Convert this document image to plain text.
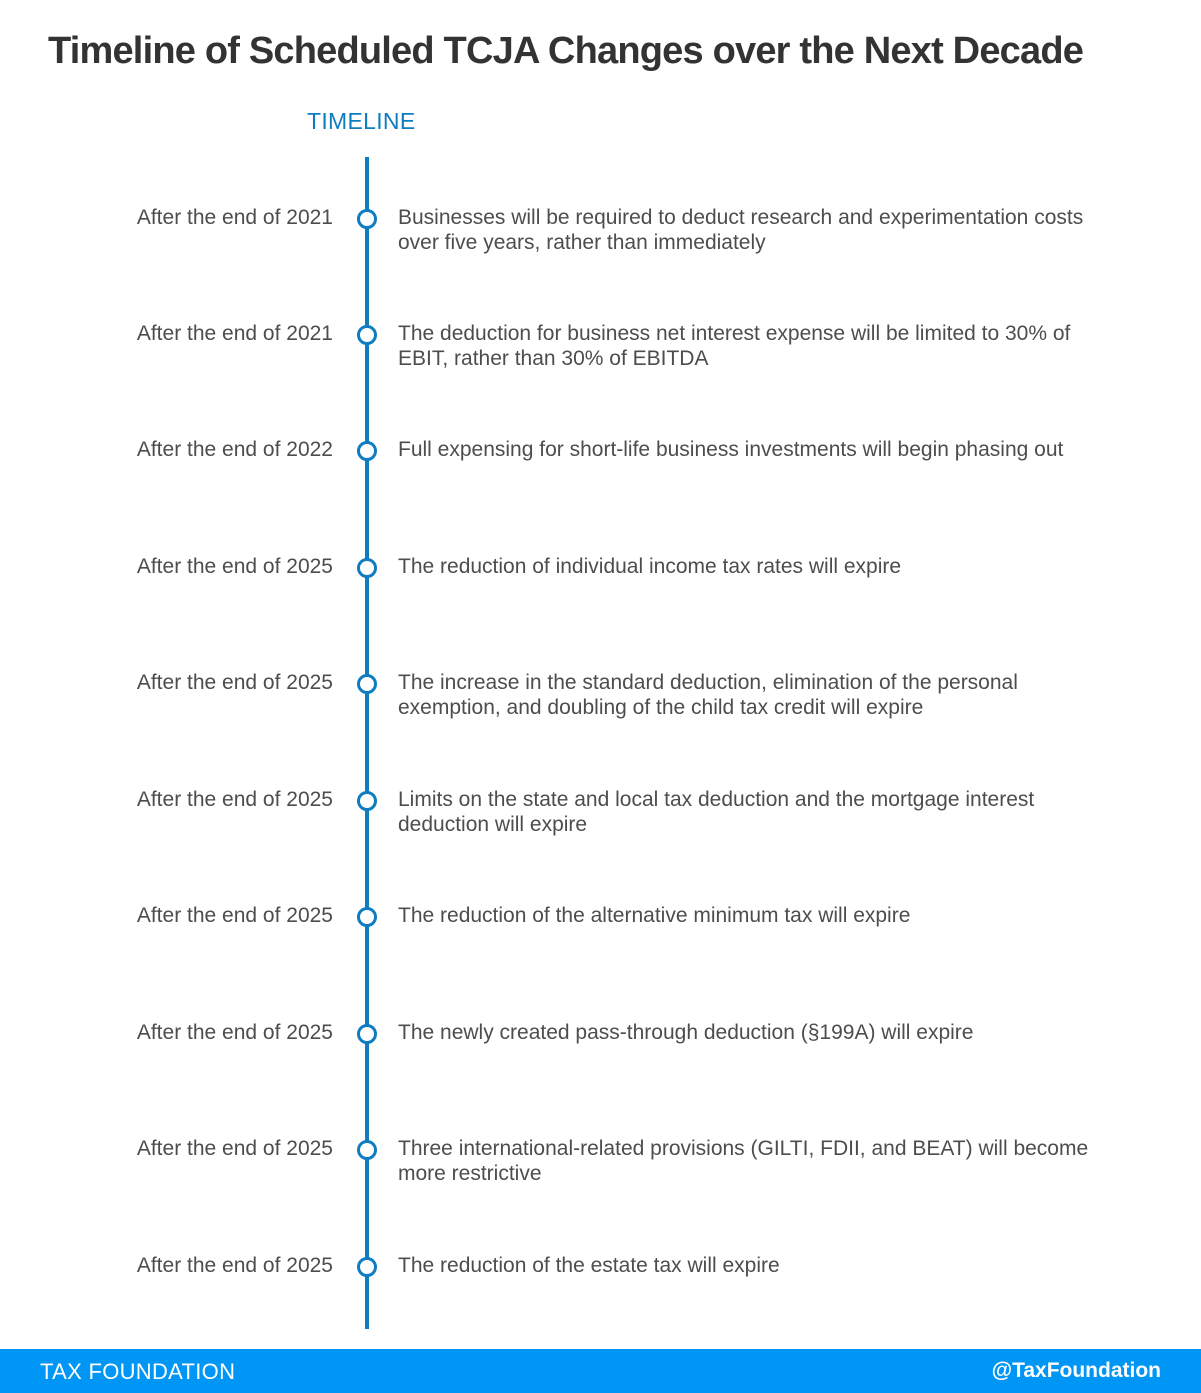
Timeline of Scheduled TCJA Changes over the Next Decade
TIMELINE
After the end of 2021	Businesses will be required to deduct research and experimentation costs over five years, rather than immediately
After the end of 2021	The deduction for business net interest expense will be limited to 30% of EBIT, rather than 30% of EBITDA
After the end of 2022	Full expensing for short-life business investments will begin phasing out
After the end of 2025	The reduction of individual income tax rates will expire
After the end of 2025	The increase in the standard deduction, elimination of the personal exemption, and doubling of the child tax credit will expire
After the end of 2025	Limits on the state and local tax deduction and the mortgage interest deduction will expire
After the end of 2025	The reduction of the alternative minimum tax will expire
After the end of 2025	The newly created pass-through deduction (§199A) will expire
After the end of 2025	Three international-related provisions (GILTI, FDII, and BEAT) will become more restrictive
After the end of 2025	The reduction of the estate tax will expire
TAX FOUNDATION	@TaxFoundation
